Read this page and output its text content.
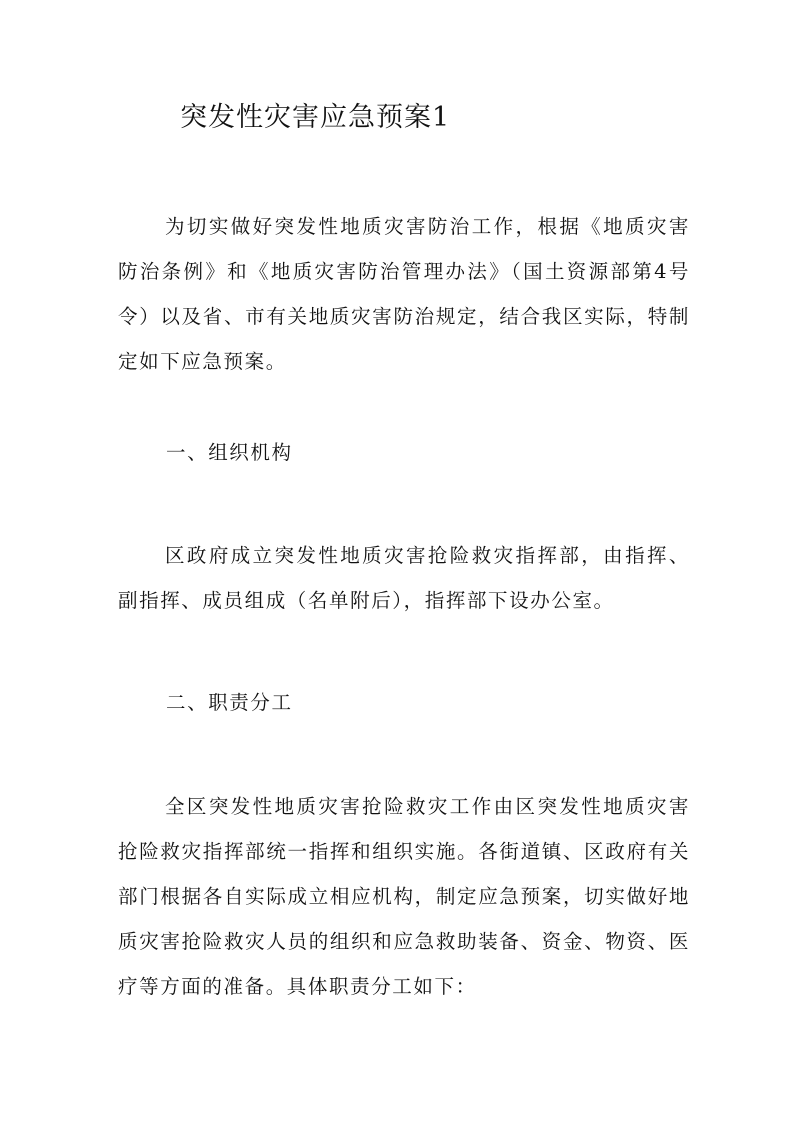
突发性灾害应急预案1

为切实做好突发性地质灾害防治工作，根据《地质灾害防治条例》和《地质灾害防治管理办法》（国土资源部第4号令）以及省、市有关地质灾害防治规定，结合我区实际，特制定如下应急预案。

一、组织机构

区政府成立突发性地质灾害抢险救灾指挥部，由指挥、副指挥、成员组成（名单附后），指挥部下设办公室。

二、职责分工

全区突发性地质灾害抢险救灾工作由区突发性地质灾害抢险救灾指挥部统一指挥和组织实施。各街道镇、区政府有关部门根据各自实际成立相应机构，制定应急预案，切实做好地质灾害抢险救灾人员的组织和应急救助装备、资金、物资、医疗等方面的准备。具体职责分工如下：
